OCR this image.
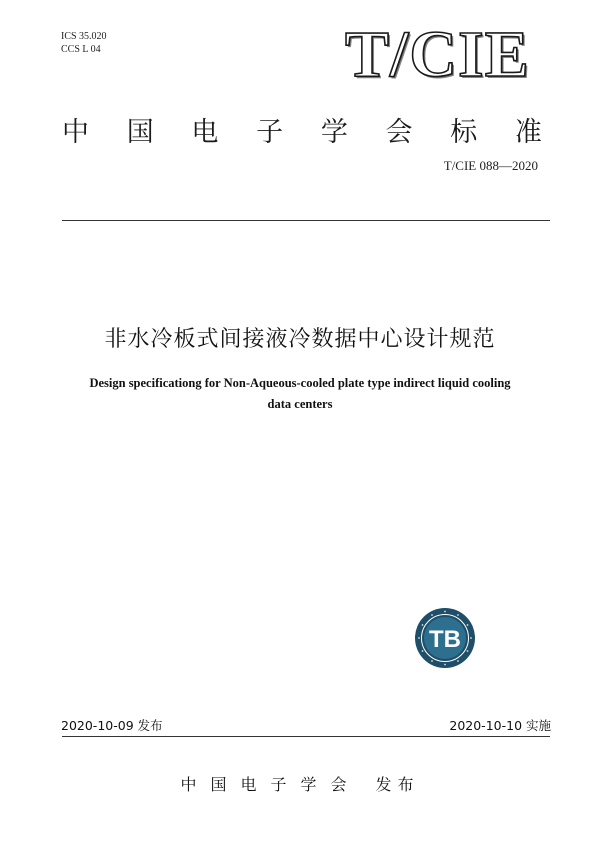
ICS 35.020
CCS L 04	T/CIE
中 国 电 子 学 会 标 准
T/CIE 088—2020
非水冷板式间接液冷数据中心设计规范
Design specificationg for Non-Aqueous-cooled plate type indirect liquid cooling
data centers
TB
2020-10-09 发布	2020-10-10 实施
中国电子学会 发布
